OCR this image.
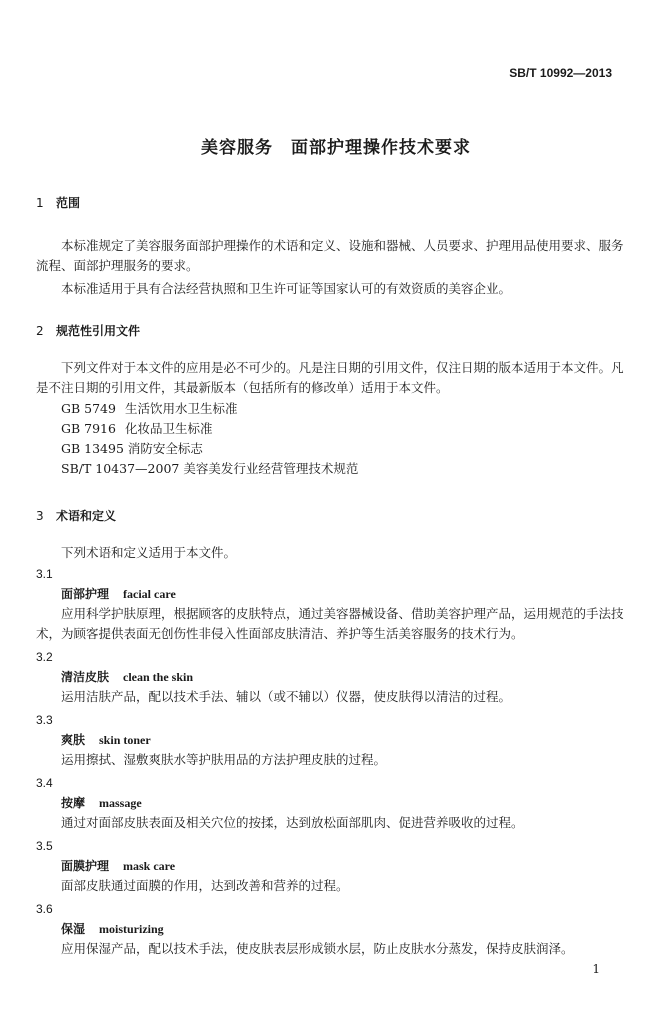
SB/T 10992—2013
美容服务　面部护理操作技术要求
1 范围
本标准规定了美容服务面部护理操作的术语和定义、设施和器械、人员要求、护理用品使用要求、服务流程、面部护理服务的要求。
本标准适用于具有合法经营执照和卫生许可证等国家认可的有效资质的美容企业。
2 规范性引用文件
下列文件对于本文件的应用是必不可少的。凡是注日期的引用文件，仅注日期的版本适用于本文件。凡是不注日期的引用文件，其最新版本（包括所有的修改单）适用于本文件。
GB 5749 生活饮用水卫生标准
GB 7916 化妆品卫生标准
GB 13495 消防安全标志
SB/T 10437—2007 美容美发行业经营管理技术规范
3 术语和定义
下列术语和定义适用于本文件。
3.1
面部护理 facial care
应用科学护肤原理，根据顾客的皮肤特点，通过美容器械设备、借助美容护理产品，运用规范的手法技术，为顾客提供表面无创伤性非侵入性面部皮肤清洁、养护等生活美容服务的技术行为。
3.2
清洁皮肤 clean the skin
运用洁肤产品，配以技术手法、辅以（或不辅以）仪器，使皮肤得以清洁的过程。
3.3
爽肤 skin toner
运用擦拭、湿敷爽肤水等护肤用品的方法护理皮肤的过程。
3.4
按摩 massage
通过对面部皮肤表面及相关穴位的按揉，达到放松面部肌肉、促进营养吸收的过程。
3.5
面膜护理 mask care
面部皮肤通过面膜的作用，达到改善和营养的过程。
3.6
保湿 moisturizing
应用保湿产品，配以技术手法，使皮肤表层形成锁水层，防止皮肤水分蒸发，保持皮肤润泽。
1
